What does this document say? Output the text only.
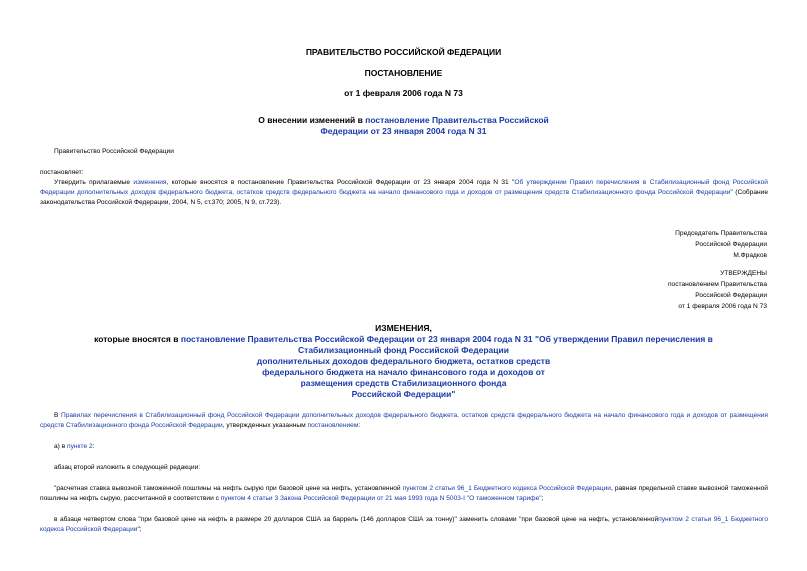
ПРАВИТЕЛЬСТВО РОССИЙСКОЙ ФЕДЕРАЦИИ
ПОСТАНОВЛЕНИЕ
от 1 февраля 2006 года N 73
О внесении изменений в постановление Правительства Российской
Федерации от 23 января 2004 года N 31
Правительство Российской Федерации
постановляет:
Утвердить прилагаемые изменения, которые вносятся в постановление Правительства Российской Федерации от 23 января 2004 года N 31 "Об утверждении Правил перечисления в Стабилизационный фонд Российской Федерации дополнительных доходов федерального бюджета, остатков средств федерального бюджета на начало финансового года и доходов от размещения средств Стабилизационного фонда Российской Федерации" (Собрание законодательства Российской Федерации, 2004, N 5, ст.370; 2005, N 9, ст.723).
Председатель Правительства
Российской Федерации
М.Фрадков
УТВЕРЖДЕНЫ
постановлением Правительства
Российской Федерации
от 1 февраля 2006 года N 73
ИЗМЕНЕНИЯ,
которые вносятся в постановление Правительства Российской Федерации от 23 января 2004 года N 31 "Об утверждении Правил перечисления в
Стабилизационный фонд Российской Федерации
дополнительных доходов федерального бюджета, остатков средств
федерального бюджета на начало финансового года и доходов от
размещения средств Стабилизационного фонда
Российской Федерации"
В Правилах перечисления в Стабилизационный фонд Российской Федерации дополнительных доходов федерального бюджета, остатков средств федерального бюджета на начало финансового года и доходов от размещения средств Стабилизационного фонда Российской Федерации, утвержденных указанным постановлением:
а) в пункте 2:
абзац второй изложить в следующей редакции:
"расчетная ставка вывозной таможенной пошлины на нефть сырую при базовой цене на нефть, установленной пунктом 2 статьи 96_1 Бюджетного кодекса Российской Федерации, равная предельной ставке вывозной таможенной пошлины на нефть сырую, рассчитанной в соответствии с пунктом 4 статьи 3 Закона Российской Федерации от 21 мая 1993 года N 5003-I "О таможенном тарифе";
в абзаце четвертом слова "при базовой цене на нефть в размере 20 долларов США за баррель (146 долларов США за тонну)" заменить словами "при базовой цене на нефть, установленнойпунктом 2 статьи 96_1 Бюджетного кодекса Российской Федерации";
